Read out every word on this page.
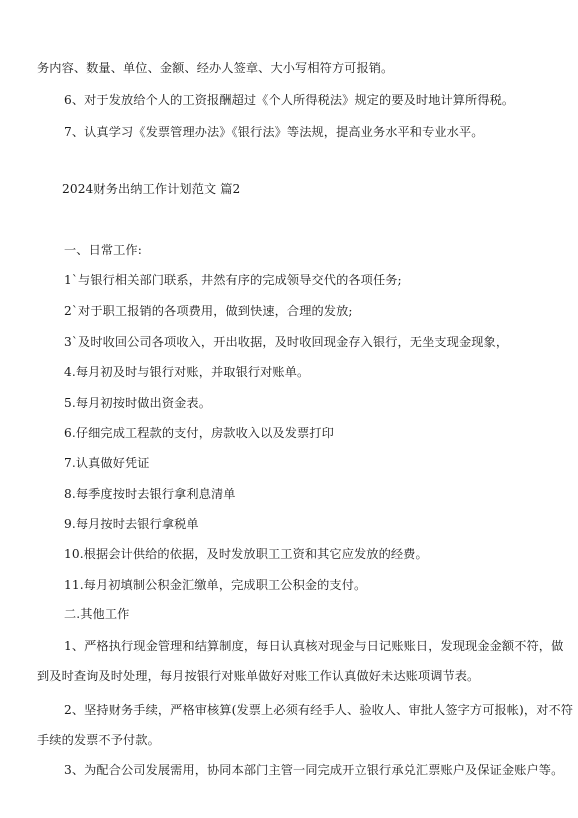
务内容、数量、单位、金额、经办人签章、大小写相符方可报销。
6、对于发放给个人的工资报酬超过《个人所得税法》规定的要及时地计算所得税。
7、认真学习《发票管理办法》《银行法》等法规，提高业务水平和专业水平。
2024财务出纳工作计划范文 篇2
一、日常工作:
1`与银行相关部门联系，井然有序的完成领导交代的各项任务;
2`对于职工报销的各项费用，做到快速，合理的发放;
3`及时收回公司各项收入，开出收据，及时收回现金存入银行，无坐支现金现象，
4.每月初及时与银行对账，并取银行对账单。
5.每月初按时做出资金表。
6.仔细完成工程款的支付，房款收入以及发票打印
7.认真做好凭证
8.每季度按时去银行拿利息清单
9.每月按时去银行拿税单
10.根据会计供给的依据，及时发放职工工资和其它应发放的经费。
11.每月初填制公积金汇缴单，完成职工公积金的支付。
二.其他工作
1、严格执行现金管理和结算制度，每日认真核对现金与日记账账日，发现现金金额不符，做
到及时查询及时处理，每月按银行对账单做好对账工作认真做好未达账项调节表。
2、坚持财务手续，严格审核算(发票上必须有经手人、验收人、审批人签字方可报帐)，对不符
手续的发票不予付款。
3、为配合公司发展需用，协同本部门主管一同完成开立银行承兑汇票账户及保证金账户等。
